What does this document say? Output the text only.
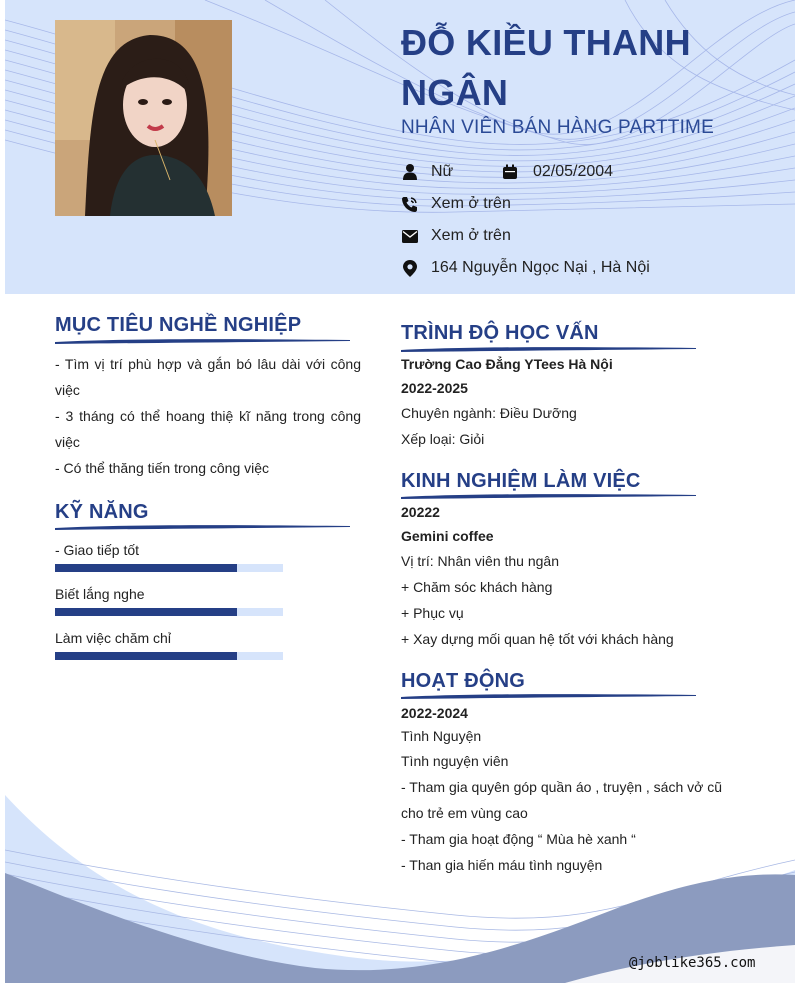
ĐỖ KIỀU THANH
NGÂN
NHÂN VIÊN BÁN HÀNG PARTTIME
Nữ	02/05/2004
Xem ở trên
Xem ở trên
164 Nguyễn Ngọc Nại , Hà Nội
MỤC TIÊU NGHỀ NGHIỆP
- Tìm vị trí phù hợp và gắn bó lâu dài với công việc
- 3 tháng có thể hoang thiệ kĩ năng trong công việc
- Có thể thăng tiến trong công việc
KỸ NĂNG
- Giao tiếp tốt
Biết lắng nghe
Làm việc chăm chỉ
TRÌNH ĐỘ HỌC VẤN
Trường Cao Đẳng YTees Hà Nội
2022-2025
Chuyên ngành: Điều Dưỡng
Xếp loại: Giỏi
KINH NGHIỆM LÀM VIỆC
20222
Gemini coffee
Vị trí: Nhân viên thu ngân
+ Chăm sóc khách hàng
+ Phục vụ
+ Xay dựng mối quan hệ tốt với khách hàng
HOẠT ĐỘNG
2022-2024
Tình Nguyện
Tình nguyện viên
- Tham gia quyên góp quần áo , truyện , sách vở cũ cho trẻ em vùng cao
- Tham gia hoạt động “ Mùa hè xanh “
- Than gia hiến máu tình nguyện
@joblike365.com
